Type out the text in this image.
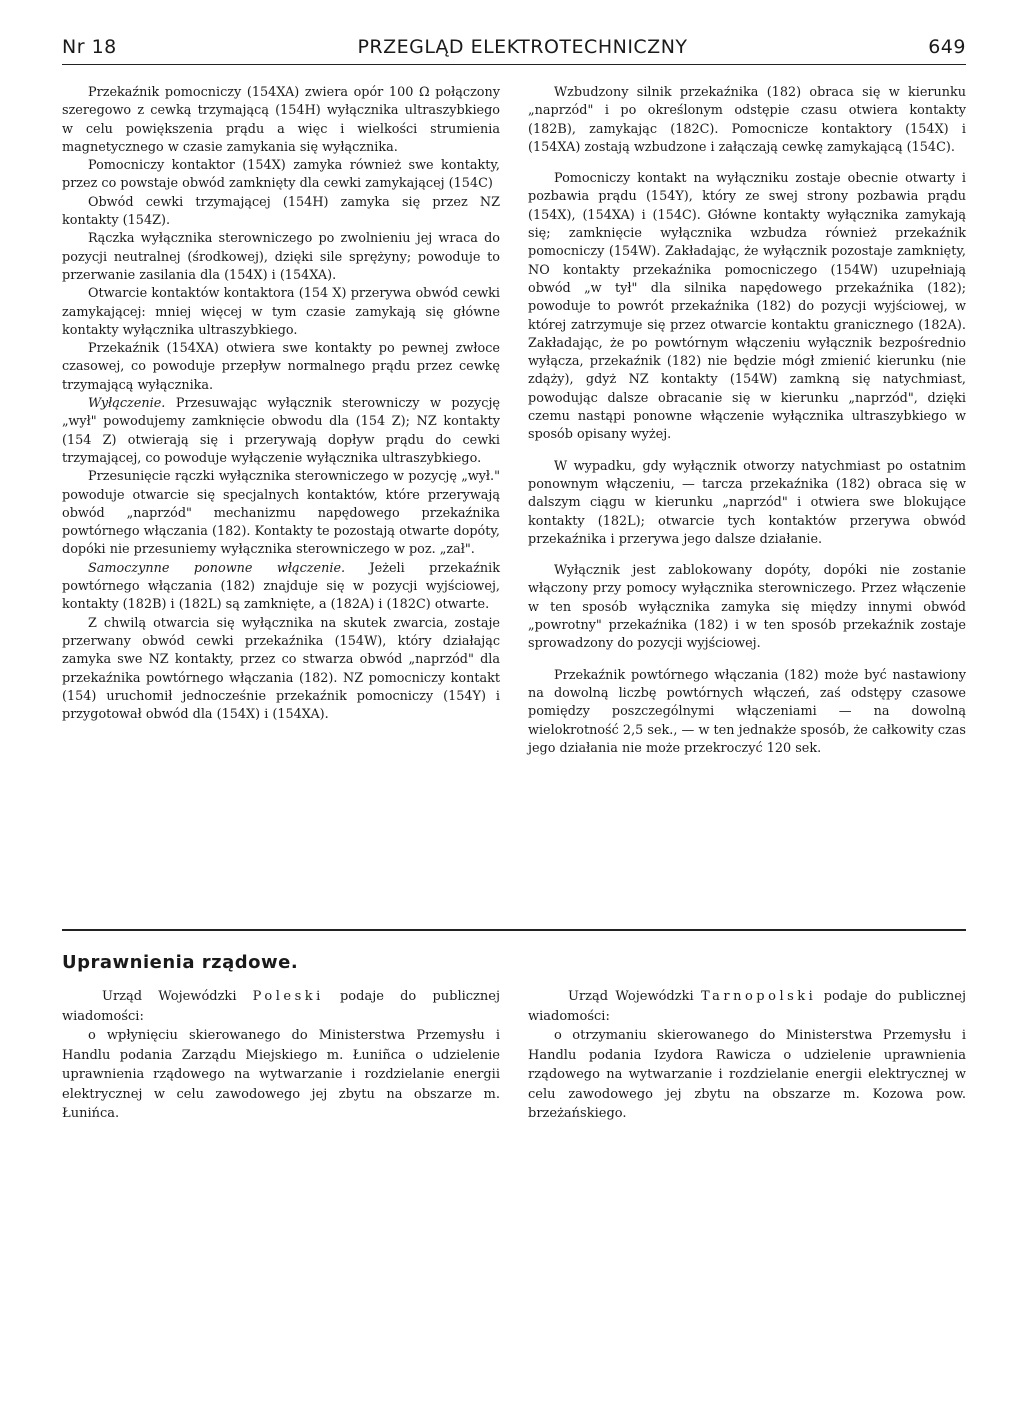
Nr 18	PRZEGLĄD ELEKTROTECHNICZNY	649

Przekaźnik pomocniczy (154XA) zwiera opór 100 Ω połączony szeregowo z cewką trzymającą (154H) wyłącznika ultraszybkiego w celu powiększenia prądu a więc i wielkości strumienia magnetycznego w czasie zamykania się wyłącznika.

Pomocniczy kontaktor (154X) zamyka również swe kontakty, przez co powstaje obwód zamknięty dla cewki zamykającej (154C)

Obwód cewki trzymającej (154H) zamyka się przez NZ kontakty (154Z).

Rączka wyłącznika sterowniczego po zwolnieniu jej wraca do pozycji neutralnej (środkowej), dzięki sile sprężyny; powoduje to przerwanie zasilania dla (154X) i (154XA).

Otwarcie kontaktów kontaktora (154 X) przerywa obwód cewki zamykającej: mniej więcej w tym czasie zamykają się główne kontakty wyłącznika ultraszybkiego.

Przekaźnik (154XA) otwiera swe kontakty po pewnej zwłoce czasowej, co powoduje przepływ normalnego prądu przez cewkę trzymającą wyłącznika.

Wyłączenie. Przesuwając wyłącznik sterowniczy w pozycję „wył" powodujemy zamknięcie obwodu dla (154 Z); NZ kontakty (154 Z) otwierają się i przerywają dopływ prądu do cewki trzymającej, co powoduje wyłączenie wyłącznika ultraszybkiego.

Przesunięcie rączki wyłącznika sterowniczego w pozycję „wył." powoduje otwarcie się specjalnych kontaktów, które przerywają obwód „naprzód" mechanizmu napędowego przekaźnika powtórnego włączania (182). Kontakty te pozostają otwarte dopóty, dopóki nie przesuniemy wyłącznika sterowniczego w poz. „zał".

Samoczynne ponowne włączenie. Jeżeli przekaźnik powtórnego włączania (182) znajduje się w pozycji wyjściowej, kontakty (182B) i (182L) są zamknięte, a (182A) i (182C) otwarte.

Z chwilą otwarcia się wyłącznika na skutek zwarcia, zostaje przerwany obwód cewki przekaźnika (154W), który działając zamyka swe NZ kontakty, przez co stwarza obwód „naprzód" dla przekaźnika powtórnego włączania (182). NZ pomocniczy kontakt (154) uruchomił jednocześnie przekaźnik pomocniczy (154Y) i przygotował obwód dla (154X) i (154XA).

Wzbudzony silnik przekaźnika (182) obraca się w kierunku „naprzód" i po określonym odstępie czasu otwiera kontakty (182B), zamykając (182C). Pomocnicze kontaktory (154X) i (154XA) zostają wzbudzone i załączają cewkę zamykającą (154C).

Pomocniczy kontakt na wyłączniku zostaje obecnie otwarty i pozbawia prądu (154Y), który ze swej strony pozbawia prądu (154X), (154XA) i (154C). Główne kontakty wyłącznika zamykają się; zamknięcie wyłącznika wzbudza również przekaźnik pomocniczy (154W). Zakładając, że wyłącznik pozostaje zamknięty, NO kontakty przekaźnika pomocniczego (154W) uzupełniają obwód „w tył" dla silnika napędowego przekaźnika (182); powoduje to powrót przekaźnika (182) do pozycji wyjściowej, w której zatrzymuje się przez otwarcie kontaktu granicznego (182A). Zakładając, że po powtórnym włączeniu wyłącznik bezpośrednio wyłącza, przekaźnik (182) nie będzie mógł zmienić kierunku (nie zdąży), gdyż NZ kontakty (154W) zamkną się natychmiast, powodując dalsze obracanie się w kierunku „naprzód", dzięki czemu nastąpi ponowne włączenie wyłącznika ultraszybkiego w sposób opisany wyżej.

W wypadku, gdy wyłącznik otworzy natychmiast po ostatnim ponownym włączeniu, — tarcza przekaźnika (182) obraca się w dalszym ciągu w kierunku „naprzód" i otwiera swe blokujące kontakty (182L); otwarcie tych kontaktów przerywa obwód przekaźnika i przerywa jego dalsze działanie.

Wyłącznik jest zablokowany dopóty, dopóki nie zostanie włączony przy pomocy wyłącznika sterowniczego. Przez włączenie w ten sposób wyłącznika zamyka się między innymi obwód „powrotny" przekaźnika (182) i w ten sposób przekaźnik zostaje sprowadzony do pozycji wyjściowej.

Przekaźnik powtórnego włączania (182) może być nastawiony na dowolną liczbę powtórnych włączeń, zaś odstępy czasowe pomiędzy poszczególnymi włączeniami — na dowolną wielokrotność 2,5 sek., — w ten jednakże sposób, że całkowity czas jego działania nie może przekroczyć 120 sek.

Uprawnienia rządowe.

Urząd Wojewódzki Poleski podaje do publicznej wiadomości:

o wpłynięciu skierowanego do Ministerstwa Przemysłu i Handlu podania Zarządu Miejskiego m. Łuniñca o udzielenie uprawnienia rządowego na wytwarzanie i rozdzielanie energii elektrycznej w celu zawodowego jej zbytu na obszarze m. Łunińca.

Urząd Wojewódzki Tarnopolski podaje do publicznej wiadomości:

o otrzymaniu skierowanego do Ministerstwa Przemysłu i Handlu podania Izydora Rawicza o udzielenie uprawnienia rządowego na wytwarzanie i rozdzielanie energii elektrycznej w celu zawodowego jej zbytu na obszarze m. Kozowa pow. brzeżańskiego.
